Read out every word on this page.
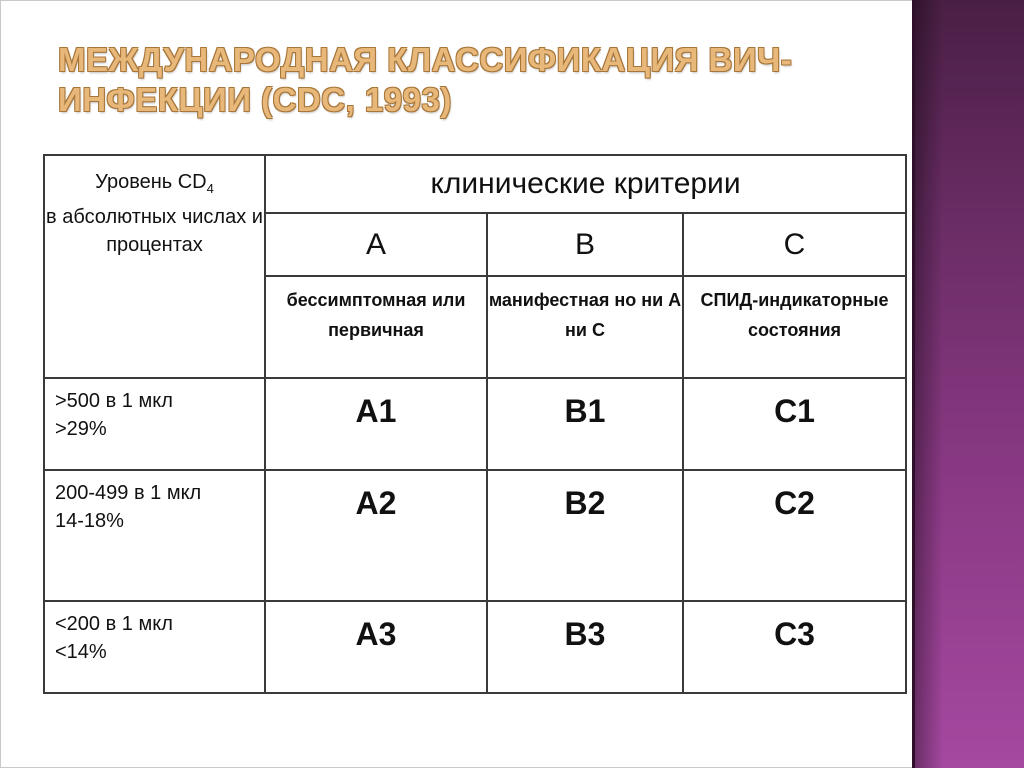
МЕЖДУНАРОДНАЯ КЛАССИФИКАЦИЯ ВИЧ-
ИНФЕКЦИИ (CDC, 1993)
Уровень $CD_4$
в абсолютных числах и процентах	клинические критерии		
	A	B	C
	бессимптомная или первичная	манифестная но ни А ни С	СПИД-индикаторные состояния
>500 в 1 мкл
>29%	A1	B1	C1
200-499 в 1 мкл
14-18%	A2	B2	C2
<200 в 1 мкл
<14%	A3	B3	C3
